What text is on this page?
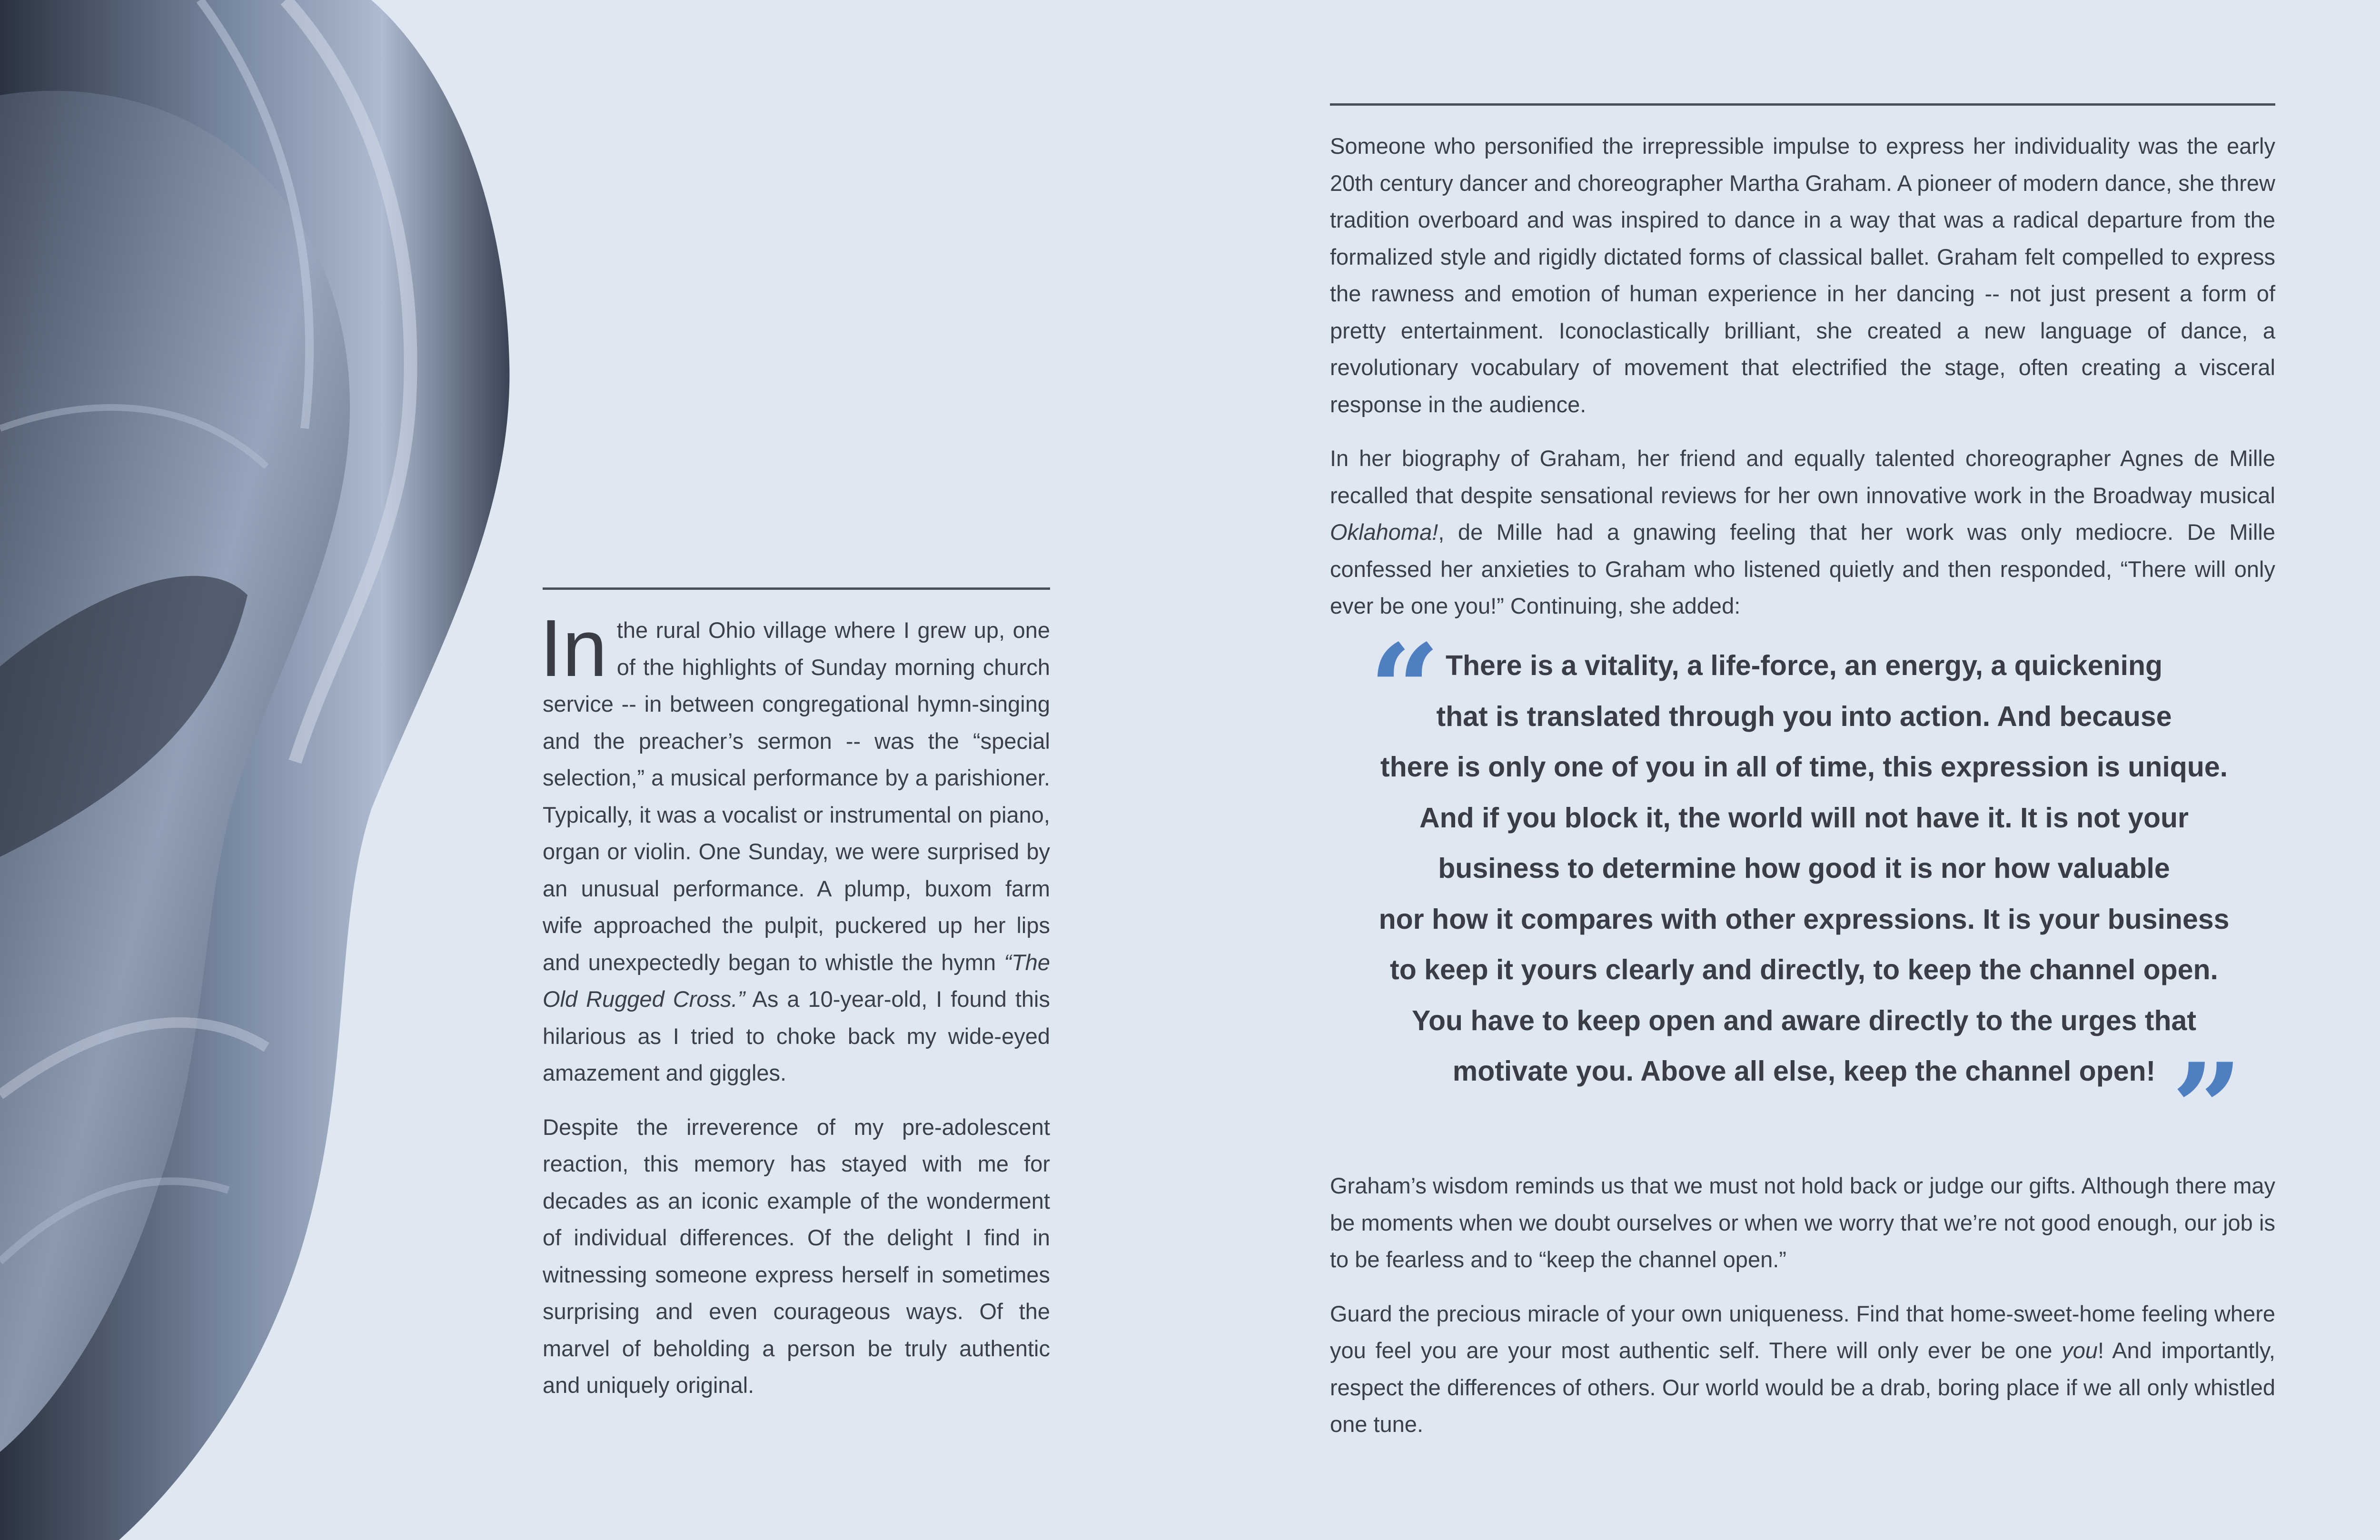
In the rural Ohio village where I grew up, one of the highlights of Sunday morning church service -- in between congregational hymn-singing and the preacher’s sermon -- was the “special selection,” a musical performance by a parishioner. Typically, it was a vocalist or instrumental on piano, organ or violin. One Sunday, we were surprised by an unusual performance. A plump, buxom farm wife approached the pulpit, puckered up her lips and unexpectedly began to whistle the hymn “The Old Rugged Cross.” As a 10-year-old, I found this hilarious as I tried to choke back my wide-eyed amazement and giggles.

Despite the irreverence of my pre-adolescent reaction, this memory has stayed with me for decades as an iconic example of the wonderment of individual differences. Of the delight I find in witnessing someone express herself in sometimes surprising and even courageous ways. Of the marvel of beholding a person be truly authentic and uniquely original.

Someone who personified the irrepressible impulse to express her individuality was the early 20th century dancer and choreographer Martha Graham. A pioneer of modern dance, she threw tradition overboard and was inspired to dance in a way that was a radical departure from the formalized style and rigidly dictated forms of classical ballet. Graham felt compelled to express the rawness and emotion of human experience in her dancing -- not just present a form of pretty entertainment. Iconoclastically brilliant, she created a new language of dance, a revolutionary vocabulary of movement that electrified the stage, often creating a visceral response in the audience.

In her biography of Graham, her friend and equally talented choreographer Agnes de Mille recalled that despite sensational reviews for her own innovative work in the Broadway musical Oklahoma!, de Mille had a gnawing feeling that her work was only mediocre. De Mille confessed her anxieties to Graham who listened quietly and then responded, “There will only ever be one you!” Continuing, she added:

“ There is a vitality, a life-force, an energy, a quickening
that is translated through you into action. And because
there is only one of you in all of time, this expression is unique.
And if you block it, the world will not have it. It is not your
business to determine how good it is nor how valuable
nor how it compares with other expressions. It is your business
to keep it yours clearly and directly, to keep the channel open.
You have to keep open and aware directly to the urges that
motivate you. Above all else, keep the channel open! ”

Graham’s wisdom reminds us that we must not hold back or judge our gifts. Although there may be moments when we doubt ourselves or when we worry that we’re not good enough, our job is to be fearless and to “keep the channel open.”

Guard the precious miracle of your own uniqueness. Find that home-sweet-home feeling where you feel you are your most authentic self. There will only ever be one you! And importantly, respect the differences of others. Our world would be a drab, boring place if we all only whistled one tune.
